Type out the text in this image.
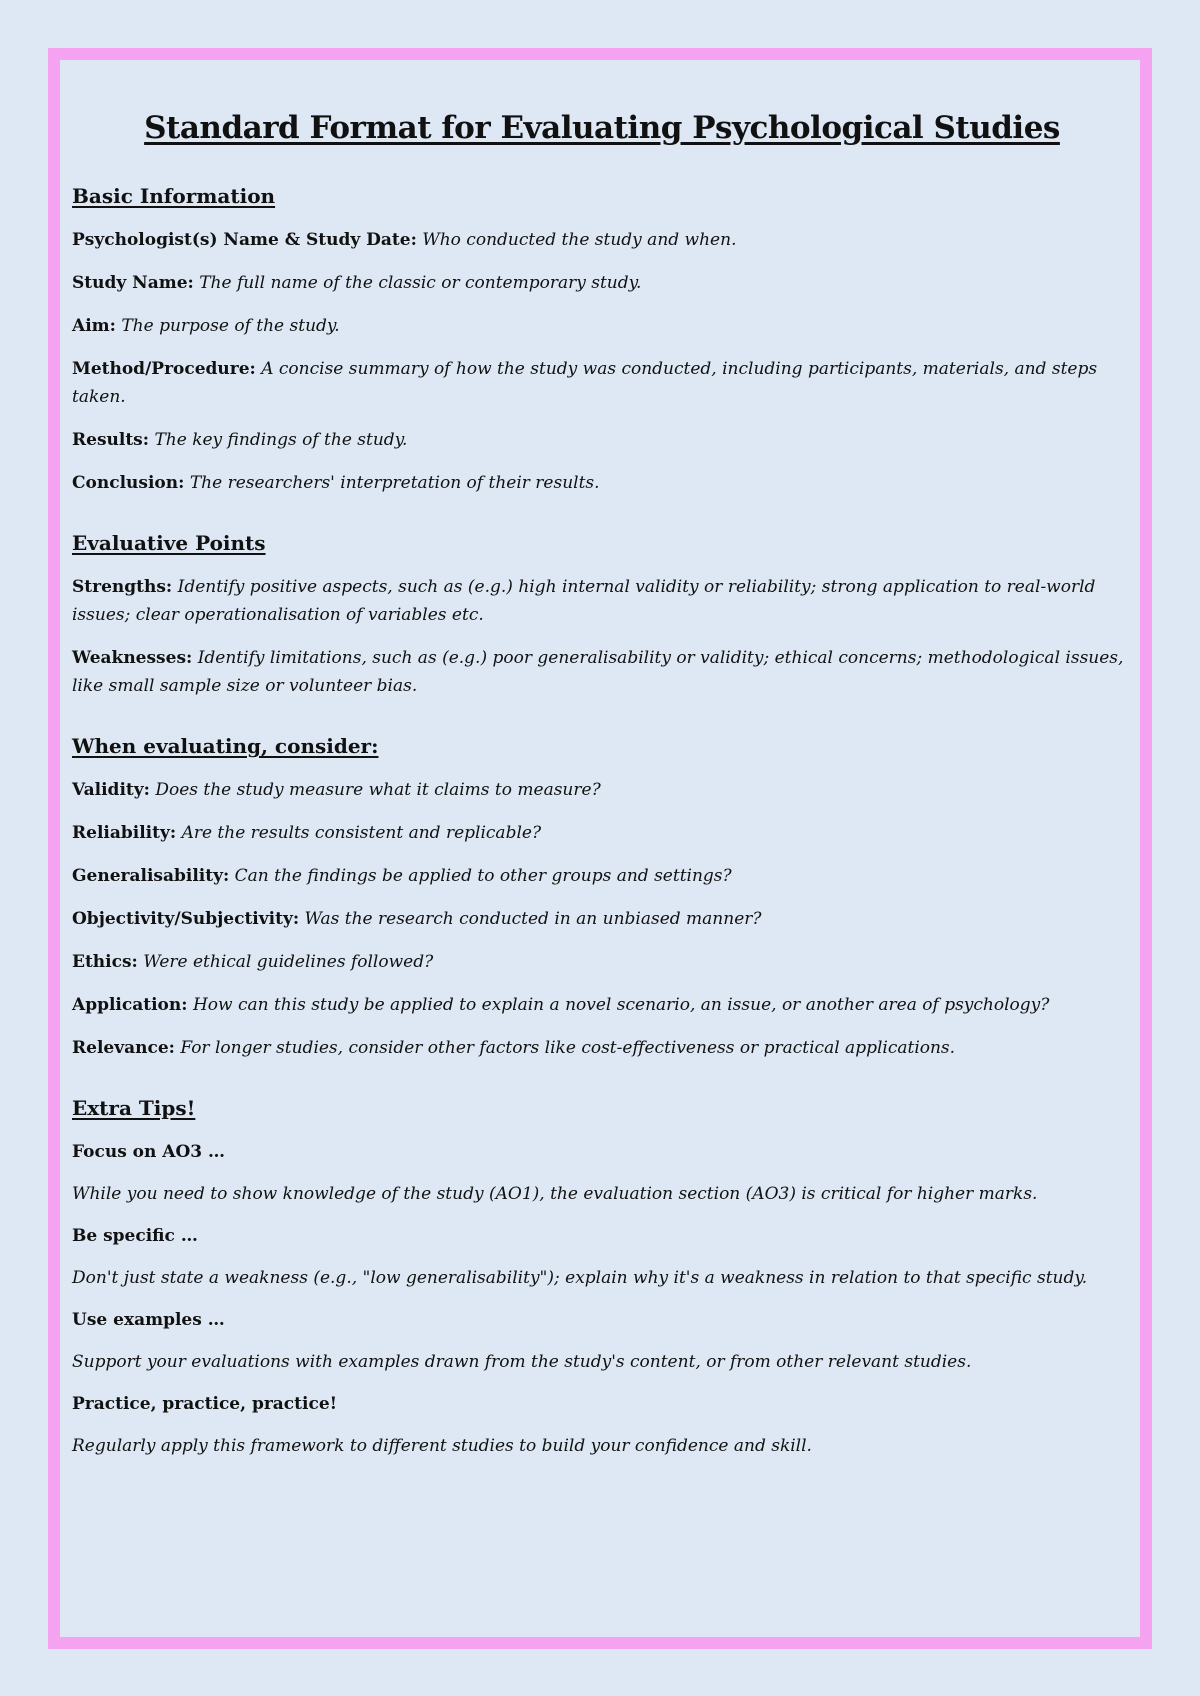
Standard Format for Evaluating Psychological Studies
Basic Information
Psychologist(s) Name & Study Date: Who conducted the study and when.
Study Name: The full name of the classic or contemporary study.
Aim: The purpose of the study.
Method/Procedure: A concise summary of how the study was conducted, including participants, materials, and steps taken.
Results: The key findings of the study.
Conclusion: The researchers' interpretation of their results.
Evaluative Points
Strengths: Identify positive aspects, such as (e.g.) high internal validity or reliability; strong application to real-world issues; clear operationalisation of variables etc.
Weaknesses: Identify limitations, such as (e.g.) poor generalisability or validity; ethical concerns; methodological issues, like small sample size or volunteer bias.
When evaluating, consider:
Validity: Does the study measure what it claims to measure?
Reliability: Are the results consistent and replicable?
Generalisability: Can the findings be applied to other groups and settings?
Objectivity/Subjectivity: Was the research conducted in an unbiased manner?
Ethics: Were ethical guidelines followed?
Application: How can this study be applied to explain a novel scenario, an issue, or another area of psychology?
Relevance: For longer studies, consider other factors like cost-effectiveness or practical applications.
Extra Tips!
Focus on AO3 …
While you need to show knowledge of the study (AO1), the evaluation section (AO3) is critical for higher marks.
Be specific …
Don't just state a weakness (e.g., "low generalisability"); explain why it's a weakness in relation to that specific study.
Use examples …
Support your evaluations with examples drawn from the study's content, or from other relevant studies.
Practice, practice, practice!
Regularly apply this framework to different studies to build your confidence and skill.
